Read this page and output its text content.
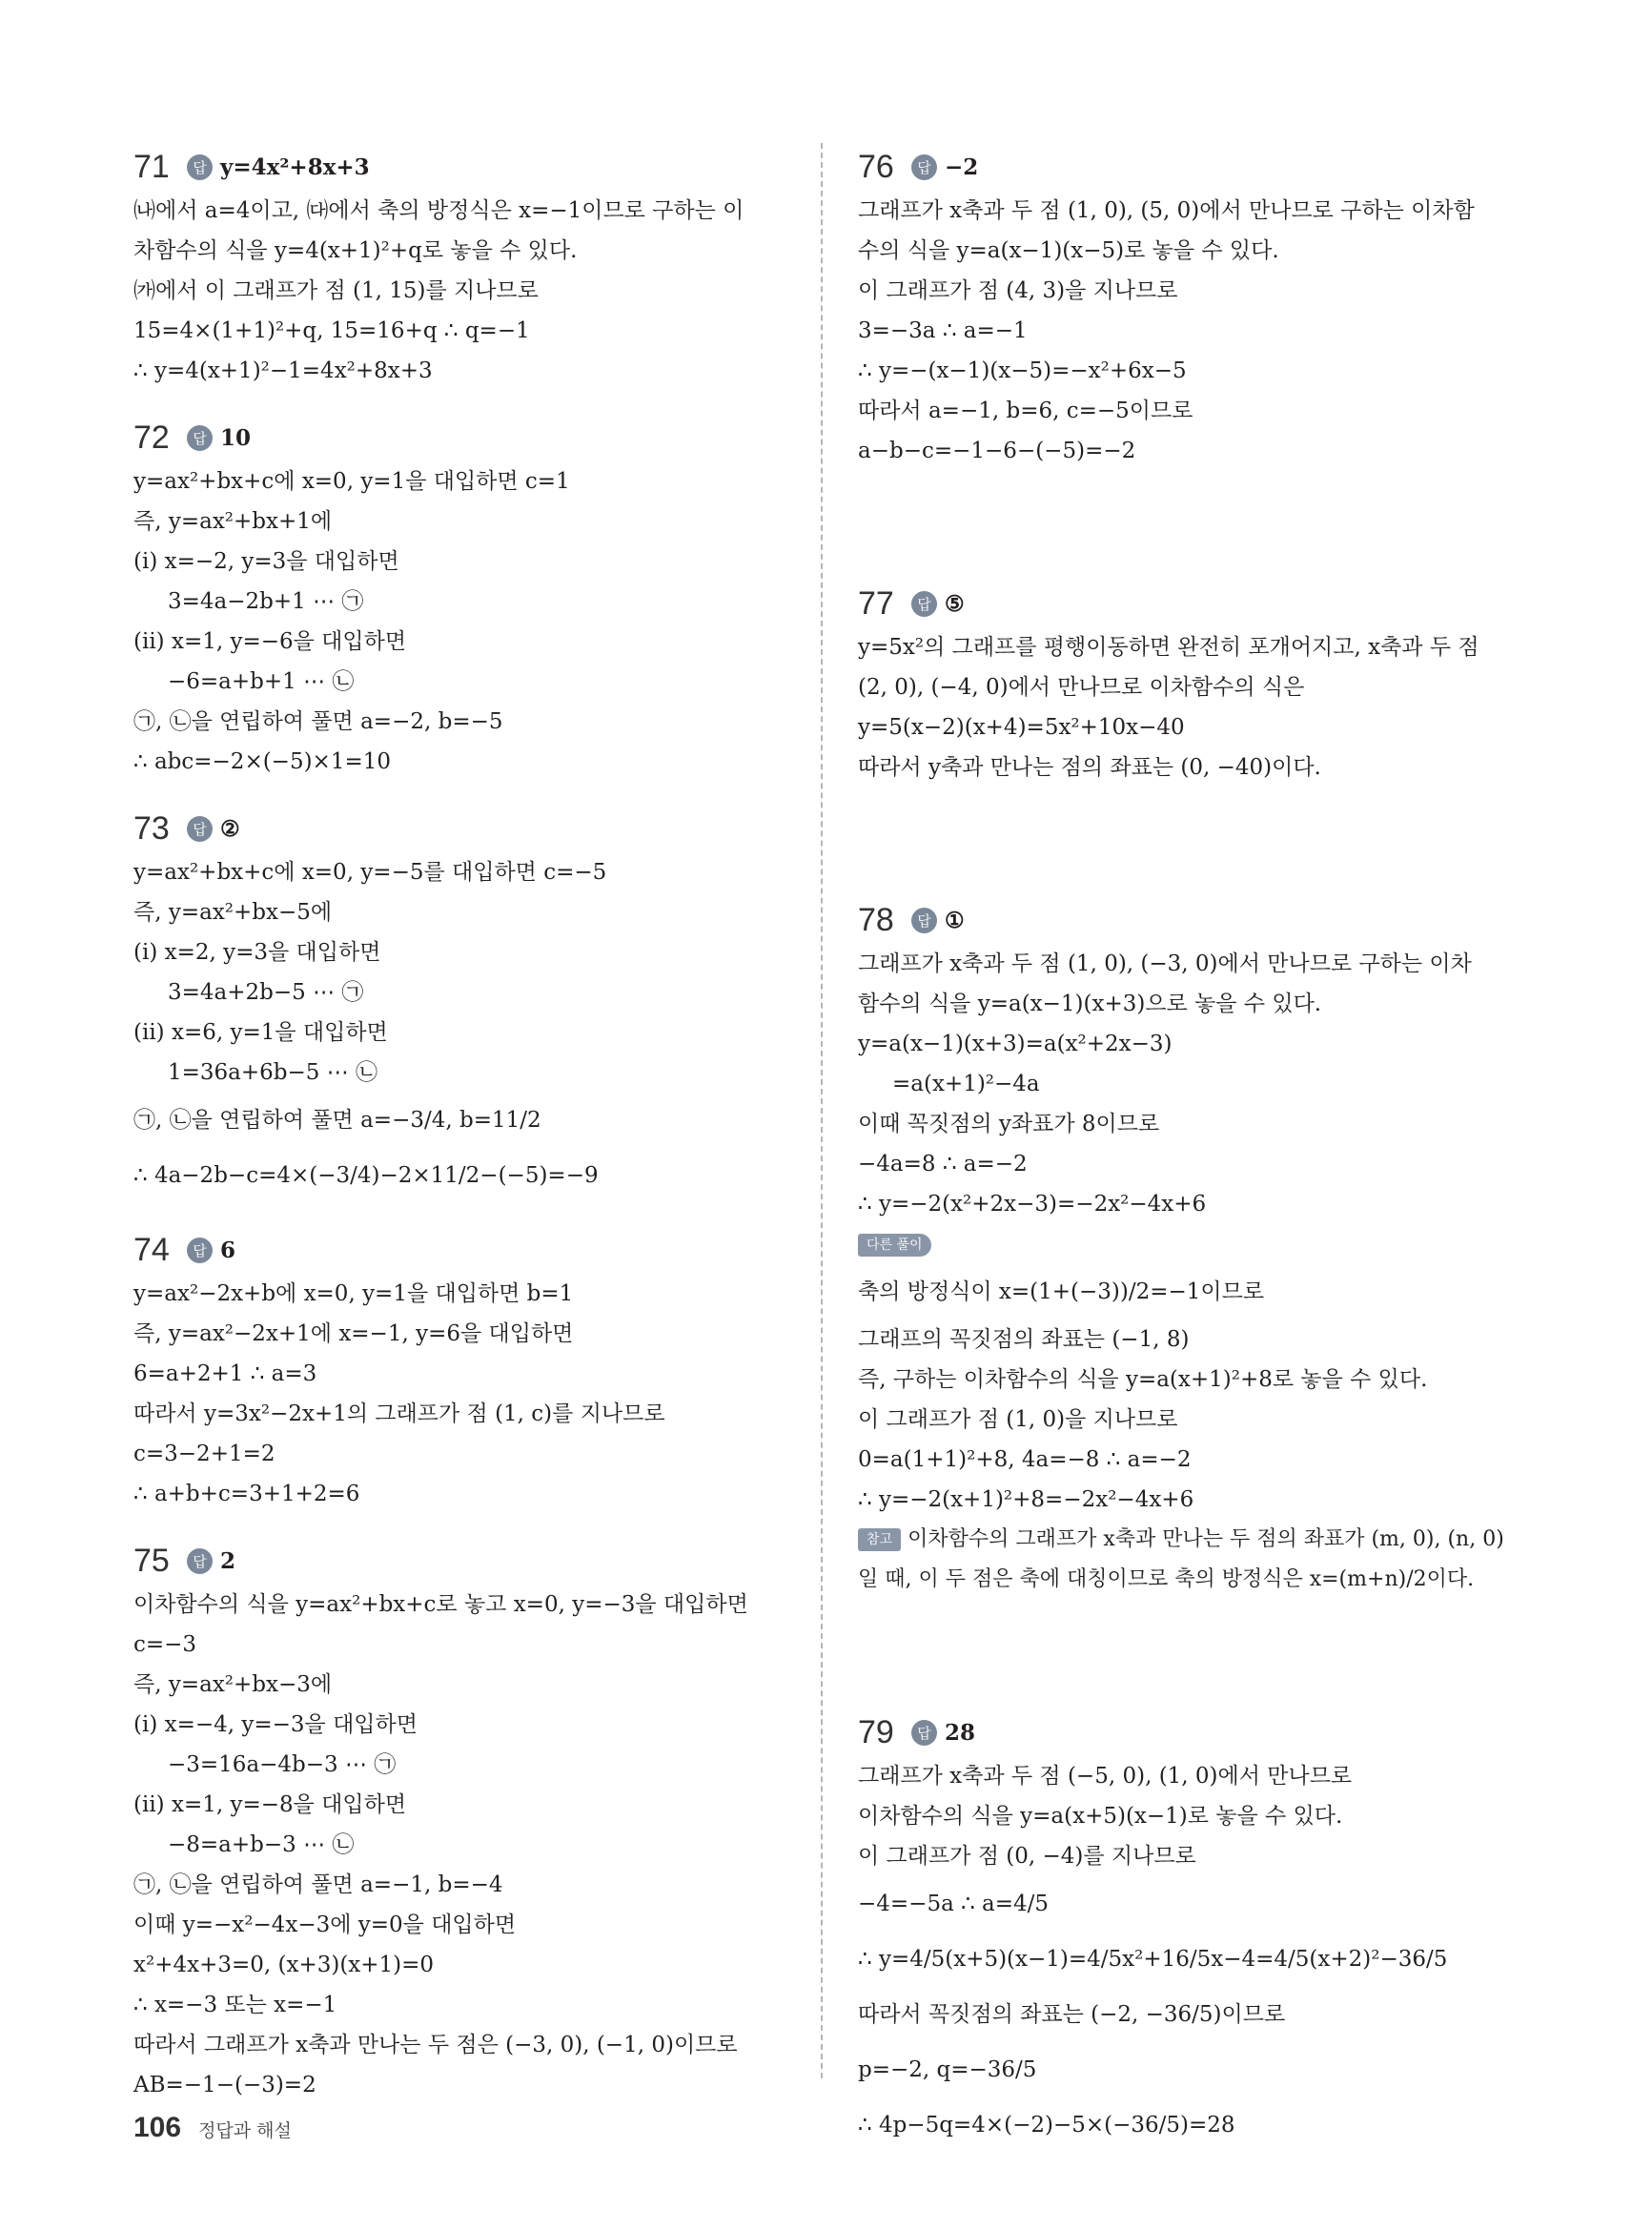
71	답 y=4x²+8x+3
㈏에서 a=4이고, ㈐에서 축의 방정식은 x=−1이므로 구하는 이
차함수의 식을 y=4(x+1)²+q로 놓을 수 있다.
㈎에서 이 그래프가 점 (1, 15)를 지나므로
15=4×(1+1)²+q, 15=16+q ∴ q=−1
∴ y=4(x+1)²−1=4x²+8x+3
72	답 10
y=ax²+bx+c에 x=0, y=1을 대입하면 c=1
즉, y=ax²+bx+1에
(ⅰ) x=−2, y=3을 대입하면
3=4a−2b+1 ⋯ ㉠
(ⅱ) x=1, y=−6을 대입하면
−6=a+b+1 ⋯ ㉡
㉠, ㉡을 연립하여 풀면 a=−2, b=−5
∴ abc=−2×(−5)×1=10
73	답 ②
y=ax²+bx+c에 x=0, y=−5를 대입하면 c=−5
즉, y=ax²+bx−5에
(ⅰ) x=2, y=3을 대입하면
3=4a+2b−5 ⋯ ㉠
(ⅱ) x=6, y=1을 대입하면
1=36a+6b−5 ⋯ ㉡
㉠, ㉡을 연립하여 풀면 a=−3/4, b=11/2
∴ 4a−2b−c=4×(−3/4)−2×11/2−(−5)=−9
74	답 6
y=ax²−2x+b에 x=0, y=1을 대입하면 b=1
즉, y=ax²−2x+1에 x=−1, y=6을 대입하면
6=a+2+1 ∴ a=3
따라서 y=3x²−2x+1의 그래프가 점 (1, c)를 지나므로
c=3−2+1=2
∴ a+b+c=3+1+2=6
75	답 2
이차함수의 식을 y=ax²+bx+c로 놓고 x=0, y=−3을 대입하면
c=−3
즉, y=ax²+bx−3에
(ⅰ) x=−4, y=−3을 대입하면
−3=16a−4b−3 ⋯ ㉠
(ⅱ) x=1, y=−8을 대입하면
−8=a+b−3 ⋯ ㉡
㉠, ㉡을 연립하여 풀면 a=−1, b=−4
이때 y=−x²−4x−3에 y=0을 대입하면
x²+4x+3=0, (x+3)(x+1)=0
∴ x=−3 또는 x=−1
따라서 그래프가 x축과 만나는 두 점은 (−3, 0), (−1, 0)이므로
AB=−1−(−3)=2
76	답 −2
그래프가 x축과 두 점 (1, 0), (5, 0)에서 만나므로 구하는 이차함
수의 식을 y=a(x−1)(x−5)로 놓을 수 있다.
이 그래프가 점 (4, 3)을 지나므로
3=−3a ∴ a=−1
∴ y=−(x−1)(x−5)=−x²+6x−5
따라서 a=−1, b=6, c=−5이므로
a−b−c=−1−6−(−5)=−2
77	답 ⑤
y=5x²의 그래프를 평행이동하면 완전히 포개어지고, x축과 두 점
(2, 0), (−4, 0)에서 만나므로 이차함수의 식은
y=5(x−2)(x+4)=5x²+10x−40
따라서 y축과 만나는 점의 좌표는 (0, −40)이다.
78	답 ①
그래프가 x축과 두 점 (1, 0), (−3, 0)에서 만나므로 구하는 이차
함수의 식을 y=a(x−1)(x+3)으로 놓을 수 있다.
y=a(x−1)(x+3)=a(x²+2x−3)
=a(x+1)²−4a
이때 꼭짓점의 y좌표가 8이므로
−4a=8 ∴ a=−2
∴ y=−2(x²+2x−3)=−2x²−4x+6
다른 풀이
축의 방정식이 x=(1+(−3))/2=−1이므로
그래프의 꼭짓점의 좌표는 (−1, 8)
즉, 구하는 이차함수의 식을 y=a(x+1)²+8로 놓을 수 있다.
이 그래프가 점 (1, 0)을 지나므로
0=a(1+1)²+8, 4a=−8 ∴ a=−2
∴ y=−2(x+1)²+8=−2x²−4x+6
참고 이차함수의 그래프가 x축과 만나는 두 점의 좌표가 (m, 0), (n, 0)
일 때, 이 두 점은 축에 대칭이므로 축의 방정식은 x=(m+n)/2이다.
79	답 28
그래프가 x축과 두 점 (−5, 0), (1, 0)에서 만나므로
이차함수의 식을 y=a(x+5)(x−1)로 놓을 수 있다.
이 그래프가 점 (0, −4)를 지나므로
−4=−5a ∴ a=4/5
∴ y=4/5(x+5)(x−1)=4/5x²+16/5x−4=4/5(x+2)²−36/5
따라서 꼭짓점의 좌표는 (−2, −36/5)이므로
p=−2, q=−36/5
∴ 4p−5q=4×(−2)−5×(−36/5)=28
106 정답과 해설
